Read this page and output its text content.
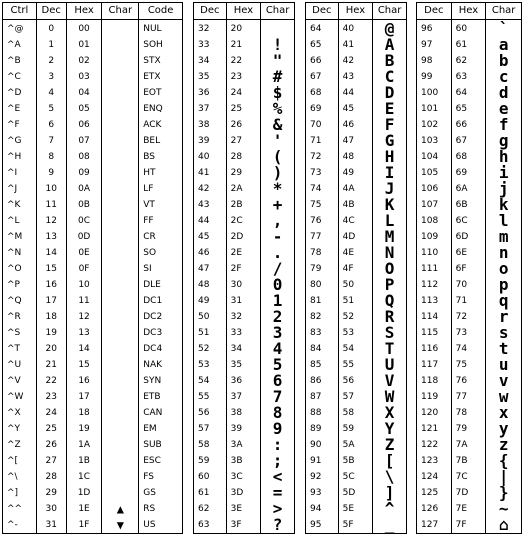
Ctrl	Dec	Hex	Char	Code
^@	0	00		NUL
^A	1	01		SOH
^B	2	02		STX
^C	3	03		ETX
^D	4	04		EOT
^E	5	05		ENQ
^F	6	06		ACK
^G	7	07		BEL
^H	8	08		BS
^I	9	09		HT
^J	10	0A		LF
^K	11	0B		VT
^L	12	0C		FF
^M	13	0D		CR
^N	14	0E		SO
^O	15	0F		SI
^P	16	10		DLE
^Q	17	11		DC1
^R	18	12		DC2
^S	19	13		DC3
^T	20	14		DC4
^U	21	15		NAK
^V	22	16		SYN
^W	23	17		ETB
^X	24	18		CAN
^Y	25	19		EM
^Z	26	1A		SUB
^[	27	1B		ESC
^\	28	1C		FS
^]	29	1D		GS
^^	30	1E	▲	RS
^-	31	1F	▼	US
Dec	Hex	Char
32	20	
33	21	!
34	22	"
35	23	#
36	24	$
37	25	%
38	26	&
39	27	'
40	28	(
41	29	)
42	2A	*
43	2B	+
44	2C	,
45	2D	-
46	2E	.
47	2F	/
48	30	0
49	31	1
50	32	2
51	33	3
52	34	4
53	35	5
54	36	6
55	37	7
56	38	8
57	39	9
58	3A	:
59	3B	;
60	3C	<
61	3D	=
62	3E	>
63	3F	?
Dec	Hex	Char
64	40	@
65	41	A
66	42	B
67	43	C
68	44	D
69	45	E
70	46	F
71	47	G
72	48	H
73	49	I
74	4A	J
75	4B	K
76	4C	L
77	4D	M
78	4E	N
79	4F	O
80	50	P
81	51	Q
82	52	R
83	53	S
84	54	T
85	55	U
86	56	V
87	57	W
88	58	X
89	59	Y
90	5A	Z
91	5B	[
92	5C	\
93	5D	]
94	5E	^
95	5F	_
Dec	Hex	Char
96	60	`
97	61	a
98	62	b
99	63	c
100	64	d
101	65	e
102	66	f
103	67	g
104	68	h
105	69	i
106	6A	j
107	6B	k
108	6C	l
109	6D	m
110	6E	n
111	6F	o
112	70	p
113	71	q
114	72	r
115	73	s
116	74	t
117	75	u
118	76	v
119	77	w
120	78	x
121	79	y
122	7A	z
123	7B	{
124	7C	|
125	7D	}
126	7E	~
127	7F	⌂
